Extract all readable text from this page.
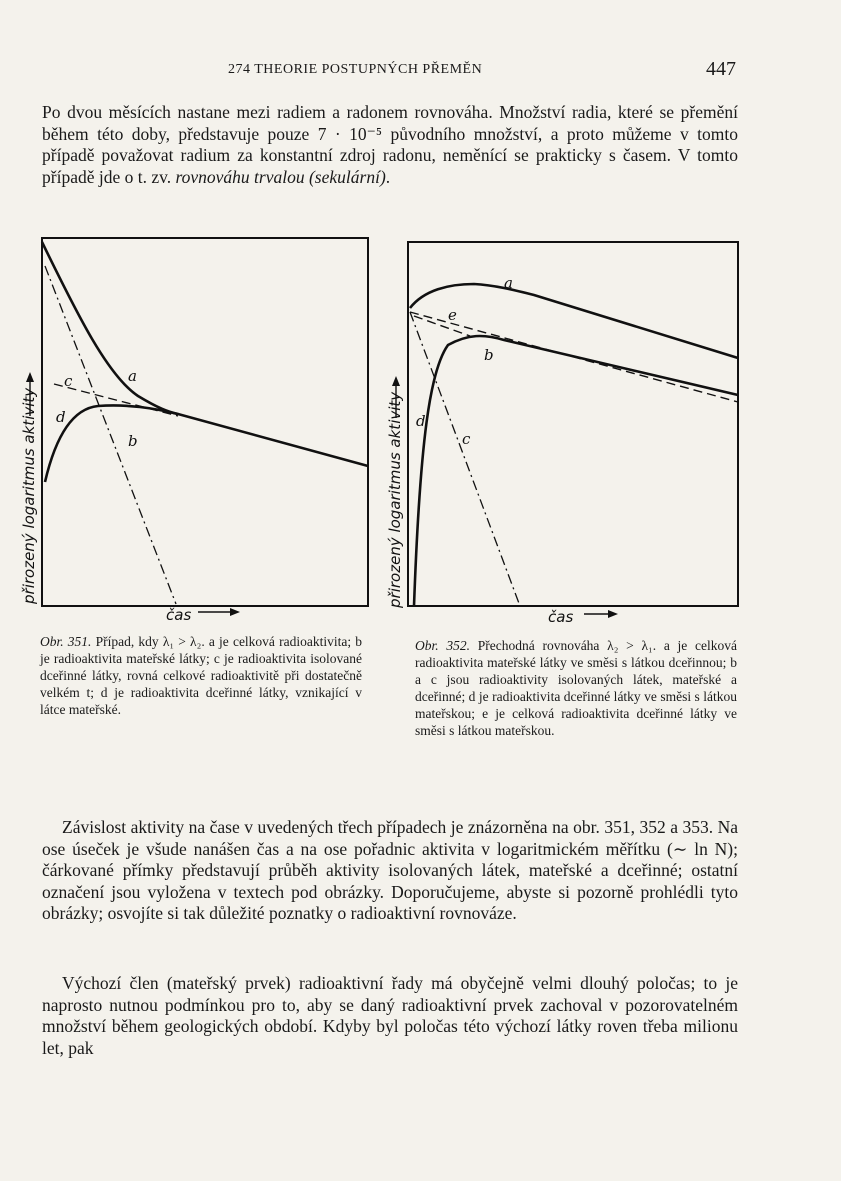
274 THEORIE POSTUPNÝCH PŘEMĚN	447

Po dvou měsících nastane mezi radiem a radonem rovnováha. Množství radia, které se přemění během této doby, představuje pouze 7 · 10⁻⁵ původního množství, a proto můžeme v tomto případě považovat radium za konstantní zdroj radonu, neměnící se prakticky s časem. V tomto případě jde o t. zv. rovnováhu trvalou (sekulární).

a
b
c
d
přirozený logaritmus aktivity
čas
a
b
c
d
e
přirozený logaritmus aktivity
čas

Obr. 351. Případ, kdy λ₁ > λ₂. a je celková radioaktivita; b je radioaktivita mateřské látky; c je radioaktivita isolované dceřinné látky, rovná celkové radioaktivitě při dostatečně velkém t; d je radioaktivita dceřinné látky, vznikající v látce mateřské.

Obr. 352. Přechodná rovnováha λ₂ > λ₁. a je celková radioaktivita mateřské látky ve směsi s látkou dceřinnou; b a c jsou radioaktivity isolovaných látek, mateřské a dceřinné; d je radioaktivita dceřinné látky ve směsi s látkou mateřskou; e je celková radioaktivita dceřinné látky ve směsi s látkou mateřskou.

Závislost aktivity na čase v uvedených třech případech je znázorněna na obr. 351, 352 a 353. Na ose úseček je všude nanášen čas a na ose pořadnic aktivita v logaritmickém měřítku (∼ ln N); čárkované přímky představují průběh aktivity isolovaných látek, mateřské a dceřinné; ostatní označení jsou vyložena v textech pod obrázky. Doporučujeme, abyste si pozorně prohlédli tyto obrázky; osvojíte si tak důležité poznatky o radioaktivní rovnováze.

Výchozí člen (mateřský prvek) radioaktivní řady má obyčejně velmi dlouhý poločas; to je naprosto nutnou podmínkou pro to, aby se daný radioaktivní prvek zachoval v pozorovatelném množství během geologických období. Kdyby byl poločas této výchozí látky roven třeba milionu let, pak
